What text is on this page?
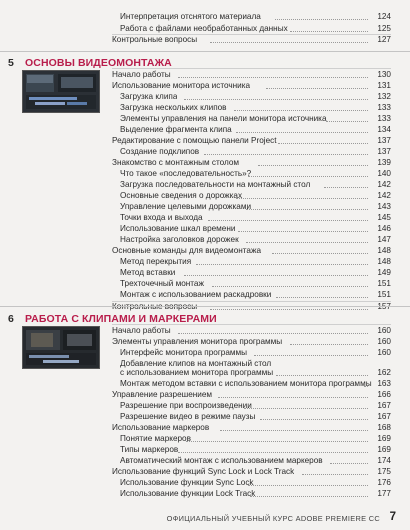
Интерпретация отснятого материала	124
Работа с файлами необработанных данных	125
Контрольные вопросы	127
5 ОСНОВЫ ВИДЕОМОНТАЖА
Начало работы	130
Использование монитора источника	131
Загрузка клипа	132
Загрузка нескольких клипов	133
Элементы управления на панели монитора источника	133
Выделение фрагмента клипа	134
Редактирование с помощью панели Project	137
Создание подклипов	137
Знакомство с монтажным столом	139
Что такое «последовательность»?	140
Загрузка последовательности на монтажный стол	142
Основные сведения о дорожках	142
Управление целевыми дорожками	143
Точки входа и выхода	145
Использование шкал времени	146
Настройка заголовков дорожек	147
Основные команды для видеомонтажа	148
Метод перекрытия	148
Метод вставки	149
Трехточечный монтаж	151
Монтаж с использованием раскадровки	151
Контрольные вопросы	157
6 РАБОТА С КЛИПАМИ И МАРКЕРАМИ
Начало работы	160
Элементы управления монитора программы	160
Интерфейс монитора программы	160
Добавление клипов на монтажный стол
с использованием монитора программы	162
Монтаж методом вставки с использованием монитора программы 163
Управление разрешением	166
Разрешение при воспроизведении	167
Разрешение видео в режиме паузы	167
Использование маркеров	168
Понятие маркеров	169
Типы маркеров	169
Автоматический монтаж с использованием маркеров	174
Использование функций Sync Lock и Lock Track	175
Использование функции Sync Lock	176
Использование функции Lock Track	177
ОФИЦИАЛЬНЫЙ УЧЕБНЫЙ КУРС ADOBE PREMIERE CC 7
